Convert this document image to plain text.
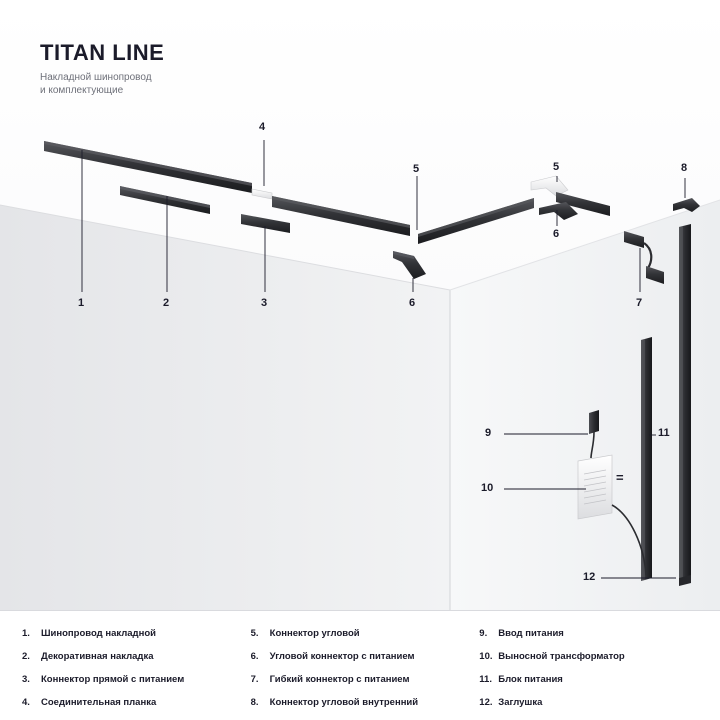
TITAN LINE
Накладной шинопровод
и комплектующие
1	2	3
4
5	5
6
6
7
8
9
10
11
12
=
1.	Шинопровод накладной
2.	Декоративная накладка
3.	Коннектор прямой с питанием
4.	Соединительная планка
5.	Коннектор угловой
6.	Угловой коннектор с питанием
7.	Гибкий коннектор с питанием
8.	Коннектор угловой внутренний
9.	Ввод питания
10. Выносной трансформатор
11. Блок питания
12. Заглушка
